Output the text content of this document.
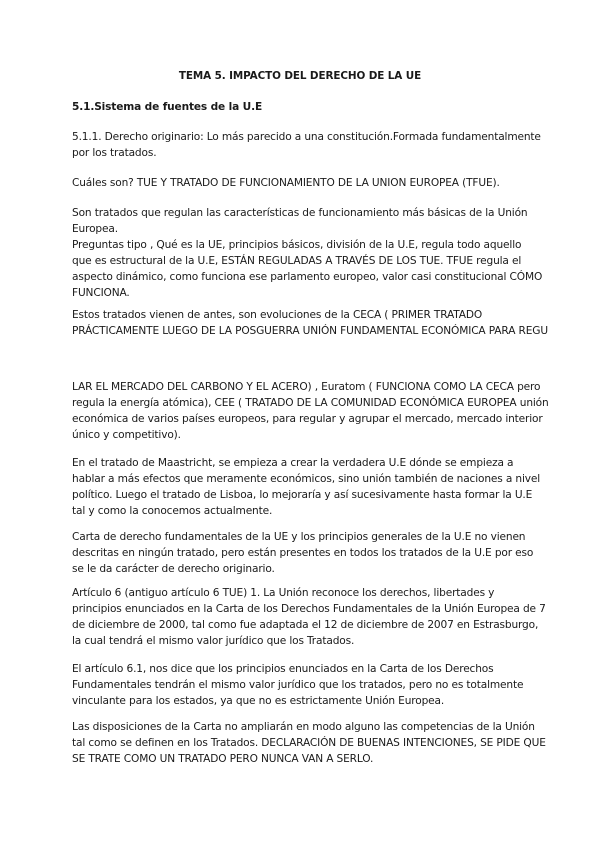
TEMA 5. IMPACTO DEL DERECHO DE LA UE
5.1.Sistema de fuentes de la U.E
5.1.1. Derecho originario: Lo más parecido a una constitución.Formada fundamentalmente
por los tratados.
Cuáles son? TUE Y TRATADO DE FUNCIONAMIENTO DE LA UNION EUROPEA (TFUE).
Son tratados que regulan las características de funcionamiento más básicas de la Unión
Europea.
Preguntas tipo , Qué es la UE, principios básicos, división de la U.E, regula todo aquello
que es estructural de la U.E, ESTÁN REGULADAS A TRAVÉS DE LOS TUE. TFUE regula el
aspecto dinámico, como funciona ese parlamento europeo, valor casi constitucional CÓMO
FUNCIONA.
Estos tratados vienen de antes, son evoluciones de la CECA ( PRIMER TRATADO
PRÁCTICAMENTE LUEGO DE LA POSGUERRA UNIÓN FUNDAMENTAL ECONÓMICA PARA REGU
LAR EL MERCADO DEL CARBONO Y EL ACERO) , Euratom ( FUNCIONA COMO LA CECA pero
regula la energía atómica), CEE ( TRATADO DE LA COMUNIDAD ECONÓMICA EUROPEA unión
económica de varios países europeos, para regular y agrupar el mercado, mercado interior
único y competitivo).
En el tratado de Maastricht, se empieza a crear la verdadera U.E dónde se empieza a
hablar a más efectos que meramente económicos, sino unión también de naciones a nivel
político. Luego el tratado de Lisboa, lo mejoraría y así sucesivamente hasta formar la U.E
tal y como la conocemos actualmente.
Carta de derecho fundamentales de la UE y los principios generales de la U.E no vienen
descritas en ningún tratado, pero están presentes en todos los tratados de la U.E por eso
se le da carácter de derecho originario.
Artículo 6 (antiguo artículo 6 TUE) 1. La Unión reconoce los derechos, libertades y
principios enunciados en la Carta de los Derechos Fundamentales de la Unión Europea de 7
de diciembre de 2000, tal como fue adaptada el 12 de diciembre de 2007 en Estrasburgo,
la cual tendrá el mismo valor jurídico que los Tratados.
El artículo 6.1, nos dice que los principios enunciados en la Carta de los Derechos
Fundamentales tendrán el mismo valor jurídico que los tratados, pero no es totalmente
vinculante para los estados, ya que no es estrictamente Unión Europea.
Las disposiciones de la Carta no ampliarán en modo alguno las competencias de la Unión
tal como se definen en los Tratados. DECLARACIÓN DE BUENAS INTENCIONES, SE PIDE QUE
SE TRATE COMO UN TRATADO PERO NUNCA VAN A SERLO.
